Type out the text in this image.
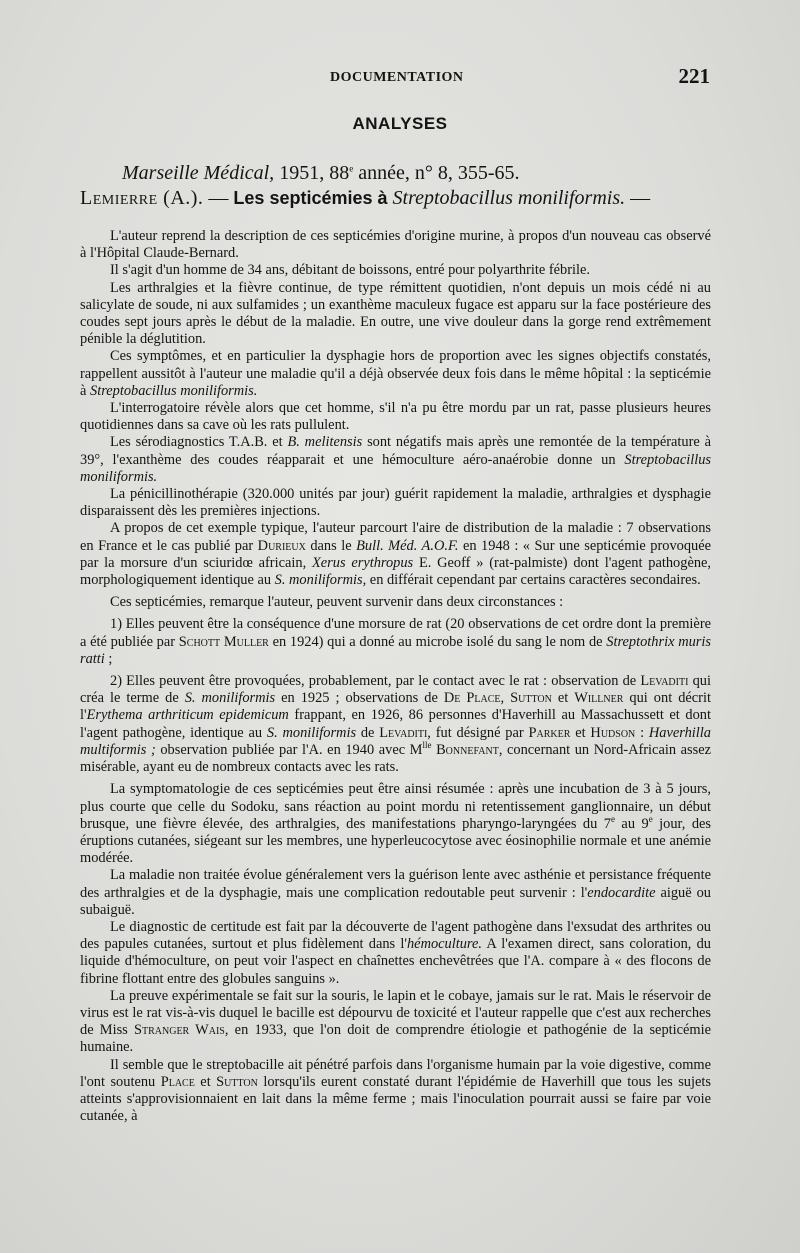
DOCUMENTATION	221
ANALYSES
Marseille Médical, 1951, 88e année, n° 8, 355-65.
Lemierre (A.). — Les septicémies à Streptobacillus moniliformis. —

L'auteur reprend la description de ces septicémies d'origine murine, à propos d'un nouveau cas observé à l'Hôpital Claude-Bernard.

Il s'agit d'un homme de 34 ans, débitant de boissons, entré pour polyarthrite fébrile.

Les arthralgies et la fièvre continue, de type rémittent quotidien, n'ont depuis un mois cédé ni au salicylate de soude, ni aux sulfamides ; un exanthème maculeux fugace est apparu sur la face postérieure des coudes sept jours après le début de la maladie. En outre, une vive douleur dans la gorge rend extrêmement pénible la déglutition.

Ces symptômes, et en particulier la dysphagie hors de proportion avec les signes objectifs constatés, rappellent aussitôt à l'auteur une maladie qu'il a déjà observée deux fois dans le même hôpital : la septicémie à Streptobacillus moniliformis.

L'interrogatoire révèle alors que cet homme, s'il n'a pu être mordu par un rat, passe plusieurs heures quotidiennes dans sa cave où les rats pullulent.

Les sérodiagnostics T.A.B. et B. melitensis sont négatifs mais après une remontée de la température à 39°, l'exanthème des coudes réapparait et une hémoculture aéro-anaérobie donne un Streptobacillus moniliformis.

La pénicillinothérapie (320.000 unités par jour) guérit rapidement la maladie, arthralgies et dysphagie disparaissent dès les premières injections.

A propos de cet exemple typique, l'auteur parcourt l'aire de distribution de la maladie : 7 observations en France et le cas publié par Durieux dans le Bull. Méd. A.O.F. en 1948 : « Sur une septicémie provoquée par la morsure d'un sciuridœ africain, Xerus erythropus E. Geoff » (rat-palmiste) dont l'agent pathogène, morphologiquement identique au S. moniliformis, en différait cependant par certains caractères secondaires.

Ces septicémies, remarque l'auteur, peuvent survenir dans deux circonstances :

1) Elles peuvent être la conséquence d'une morsure de rat (20 observations de cet ordre dont la première a été publiée par Schott Muller en 1924) qui a donné au microbe isolé du sang le nom de Streptothrix muris ratti ;

2) Elles peuvent être provoquées, probablement, par le contact avec le rat : observation de Levaditi qui créa le terme de S. moniliformis en 1925 ; observations de De Place, Sutton et Willner qui ont décrit l'Erythema arthriticum epidemicum frappant, en 1926, 86 personnes d'Haverhill au Massachussett et dont l'agent pathogène, identique au S. moniliformis de Levaditi, fut désigné par Parker et Hudson : Haverhilla multiformis ; observation publiée par l'A. en 1940 avec $M^{lle}$ Bonnefant, concernant un Nord-Africain assez misérable, ayant eu de nombreux contacts avec les rats.

La symptomatologie de ces septicémies peut être ainsi résumée : après une incubation de 3 à 5 jours, plus courte que celle du Sodoku, sans réaction au point mordu ni retentissement ganglionnaire, un début brusque, une fièvre élevée, des arthralgies, des manifestations pharyngo-laryngées du 7e au 9e jour, des éruptions cutanées, siégeant sur les membres, une hyperleucocytose avec éosinophilie normale et une anémie modérée.

La maladie non traitée évolue généralement vers la guérison lente avec asthénie et persistance fréquente des arthralgies et de la dysphagie, mais une complication redoutable peut survenir : l'endocardite aiguë ou subaiguë.

Le diagnostic de certitude est fait par la découverte de l'agent pathogène dans l'exsudat des arthrites ou des papules cutanées, surtout et plus fidèlement dans l'hémoculture. A l'examen direct, sans coloration, du liquide d'hémoculture, on peut voir l'aspect en chaînettes enchevêtrées que l'A. compare à « des flocons de fibrine flottant entre des globules sanguins ».

La preuve expérimentale se fait sur la souris, le lapin et le cobaye, jamais sur le rat. Mais le réservoir de virus est le rat vis-à-vis duquel le bacille est dépourvu de toxicité et l'auteur rappelle que c'est aux recherches de Miss Stranger Wais, en 1933, que l'on doit de comprendre étiologie et pathogénie de la septicémie humaine.

Il semble que le streptobacille ait pénétré parfois dans l'organisme humain par la voie digestive, comme l'ont soutenu Place et Sutton lorsqu'ils eurent constaté durant l'épidémie de Haverhill que tous les sujets atteints s'approvisionnaient en lait dans la même ferme ; mais l'inoculation pourrait aussi se faire par voie cutanée, à
